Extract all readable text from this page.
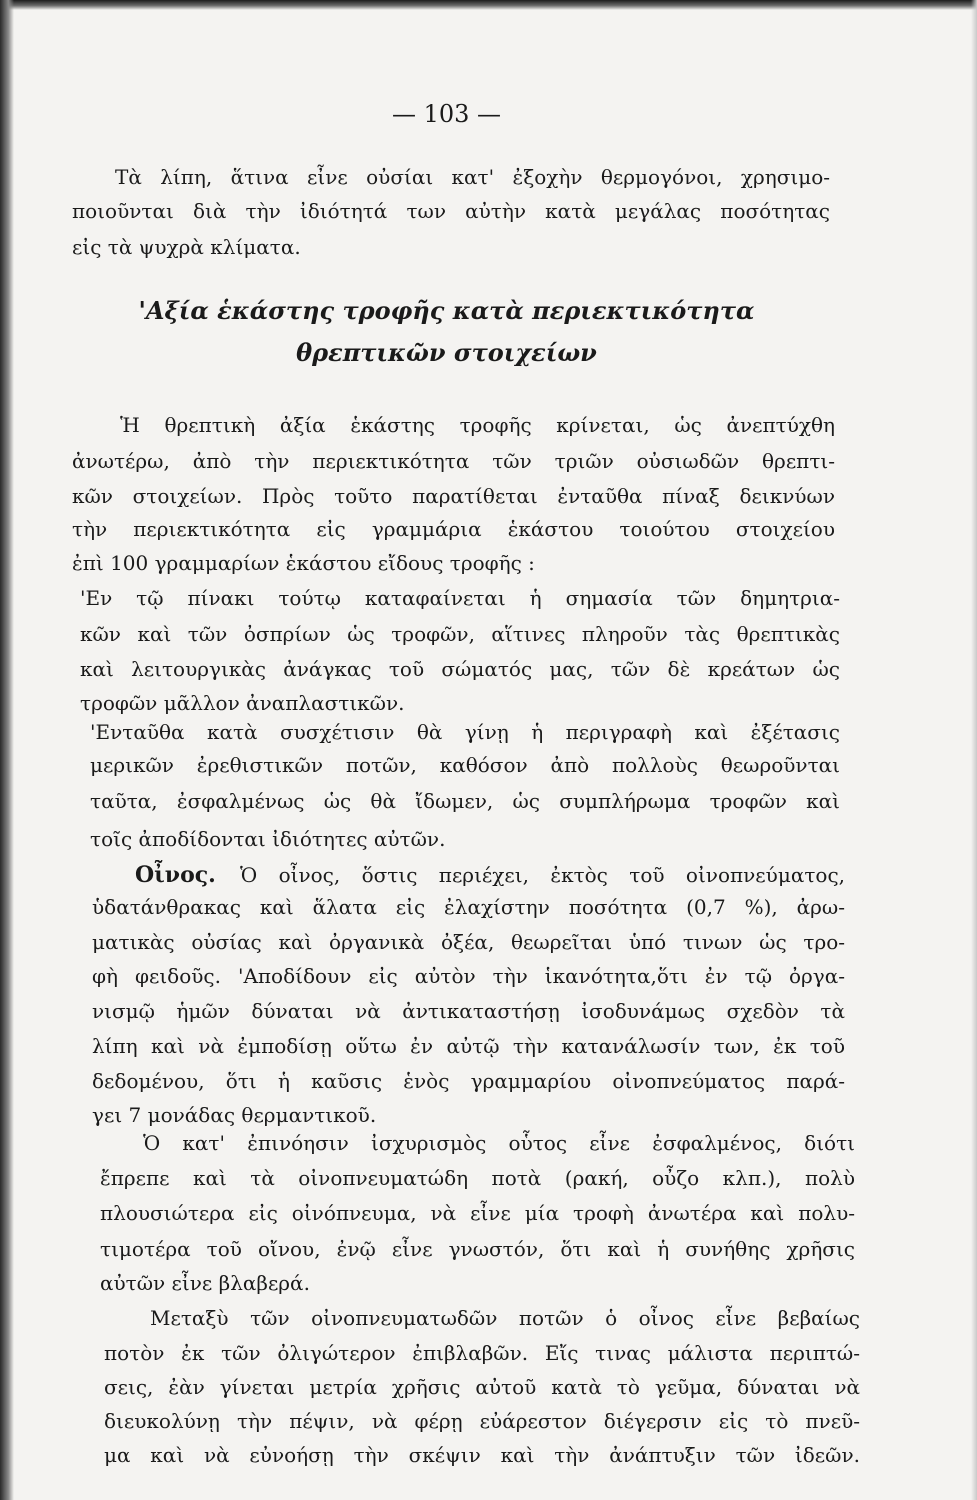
— 103 —
Τὰ λίπη, ἅτινα εἶνε οὐσίαι κατ' ἐξοχὴν θερμογόνοι, χρησιμο-
ποιοῦνται διὰ τὴν ἰδιότητά των αὐτὴν κατὰ μεγάλας ποσότητας
εἰς τὰ ψυχρὰ κλίματα.
'Αξία ἑκάστης τροφῆς κατὰ περιεκτικότητα
θρεπτικῶν στοιχείων
Ἡ θρεπτικὴ ἀξία ἑκάστης τροφῆς κρίνεται, ὡς ἀνεπτύχθη
ἀνωτέρω, ἀπὸ τὴν περιεκτικότητα τῶν τριῶν οὐσιωδῶν θρεπτι-
κῶν στοιχείων. Πρὸς τοῦτο παρατίθεται ἐνταῦθα πίναξ δεικνύων
τὴν περιεκτικότητα εἰς γραμμάρια ἑκάστου τοιούτου στοιχείου
ἐπὶ 100 γραμμαρίων ἑκάστου εἴδους τροφῆς :
'Εν τῷ πίνακι τούτῳ καταφαίνεται ἡ σημασία τῶν δημητρια-
κῶν καὶ τῶν ὀσπρίων ὡς τροφῶν, αἵτινες πληροῦν τὰς θρεπτικὰς
καὶ λειτουργικὰς ἀνάγκας τοῦ σώματός μας, τῶν δὲ κρεάτων ὡς
τροφῶν μᾶλλον ἀναπλαστικῶν.
'Ενταῦθα κατὰ συσχέτισιν θὰ γίνῃ ἡ περιγραφὴ καὶ ἐξέτασις
μερικῶν ἐρεθιστικῶν ποτῶν, καθόσον ἀπὸ πολλοὺς θεωροῦνται
ταῦτα, ἐσφαλμένως ὡς θὰ ἴδωμεν, ὡς συμπλήρωμα τροφῶν καὶ
τοῖς ἀποδίδονται ἰδιότητες αὐτῶν.
Οἶνος.	Ὁ οἶνος, ὅστις περιέχει, ἐκτὸς τοῦ οἰνοπνεύματος,
ὑδατάνθρακας καὶ ἅλατα εἰς ἐλαχίστην ποσότητα (0,7 %), ἀρω-
ματικὰς οὐσίας καὶ ὀργανικὰ ὀξέα, θεωρεῖται ὑπό τινων ὡς τρο-
φὴ φειδοῦς. 'Αποδίδουν εἰς αὐτὸν τὴν ἱκανότητα,ὅτι ἐν τῷ ὀργα-
νισμῷ ἡμῶν δύναται νὰ ἀντικαταστήσῃ ἰσοδυνάμως σχεδὸν τὰ
λίπη καὶ νὰ ἐμποδίσῃ οὕτω ἐν αὐτῷ τὴν κατανάλωσίν των, ἐκ τοῦ
δεδομένου, ὅτι ἡ καῦσις ἑνὸς γραμμαρίου οἰνοπνεύματος παρά-
γει 7 μονάδας θερμαντικοῦ.
Ὁ κατ' ἐπινόησιν ἰσχυρισμὸς οὗτος εἶνε ἐσφαλμένος, διότι
ἔπρεπε καὶ τὰ οἰνοπνευματώδη ποτὰ (ρακή, οὖζο κλπ.), πολὺ
πλουσιώτερα εἰς οἰνόπνευμα, νὰ εἶνε μία τροφὴ ἀνωτέρα καὶ πολυ-
τιμοτέρα τοῦ οἴνου, ἐνῷ εἶνε γνωστόν, ὅτι καὶ ἡ συνήθης χρῆσις
αὐτῶν εἶνε βλαβερά.
Μεταξὺ τῶν οἰνοπνευματωδῶν ποτῶν ὁ οἶνος εἶνε βεβαίως
ποτὸν ἐκ τῶν ὀλιγώτερον ἐπιβλαβῶν. Εἴς τινας μάλιστα περιπτώ-
σεις, ἐὰν γίνεται μετρία χρῆσις αὐτοῦ κατὰ τὸ γεῦμα, δύναται νὰ
διευκολύνῃ τὴν πέψιν, νὰ φέρῃ εὐάρεστον διέγερσιν εἰς τὸ πνεῦ-
μα καὶ νὰ εὐνοήσῃ τὴν σκέψιν καὶ τὴν ἀνάπτυξιν τῶν ἰδεῶν.
